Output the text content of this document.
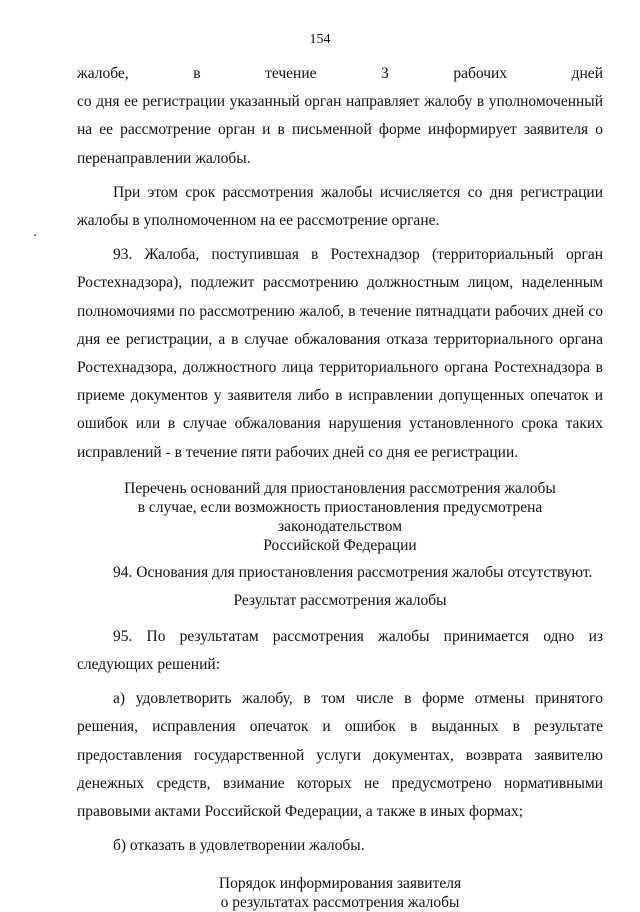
154

жалобе, в течение 3 рабочих дней

со дня ее регистрации указанный орган направляет жалобу в уполномоченный на ее рассмотрение орган и в письменной форме информирует заявителя о перенаправлении жалобы.

При этом срок рассмотрения жалобы исчисляется со дня регистрации жалобы в уполномоченном на ее рассмотрение органе.

93. Жалоба, поступившая в Ростехнадзор (территориальный орган Ростехнадзора), подлежит рассмотрению должностным лицом, наделенным полномочиями по рассмотрению жалоб, в течение пятнадцати рабочих дней со дня ее регистрации, а в случае обжалования отказа территориального органа Ростехнадзора, должностного лица территориального органа Ростехнадзора в приеме документов у заявителя либо в исправлении допущенных опечаток и ошибок или в случае обжалования нарушения установленного срока таких исправлений - в течение пяти рабочих дней со дня ее регистрации.

Перечень оснований для приостановления рассмотрения жалобы
в случае, если возможность приостановления предусмотрена законодательством
Российской Федерации

94. Основания для приостановления рассмотрения жалобы отсутствуют.

Результат рассмотрения жалобы

95. По результатам рассмотрения жалобы принимается одно из следующих решений:

а) удовлетворить жалобу, в том числе в форме отмены принятого решения, исправления опечаток и ошибок в выданных в результате предоставления государственной услуги документах, возврата заявителю денежных средств, взимание которых не предусмотрено нормативными правовыми актами Российской Федерации, а также в иных формах;

б) отказать в удовлетворении жалобы.

Порядок информирования заявителя
о результатах рассмотрения жалобы
